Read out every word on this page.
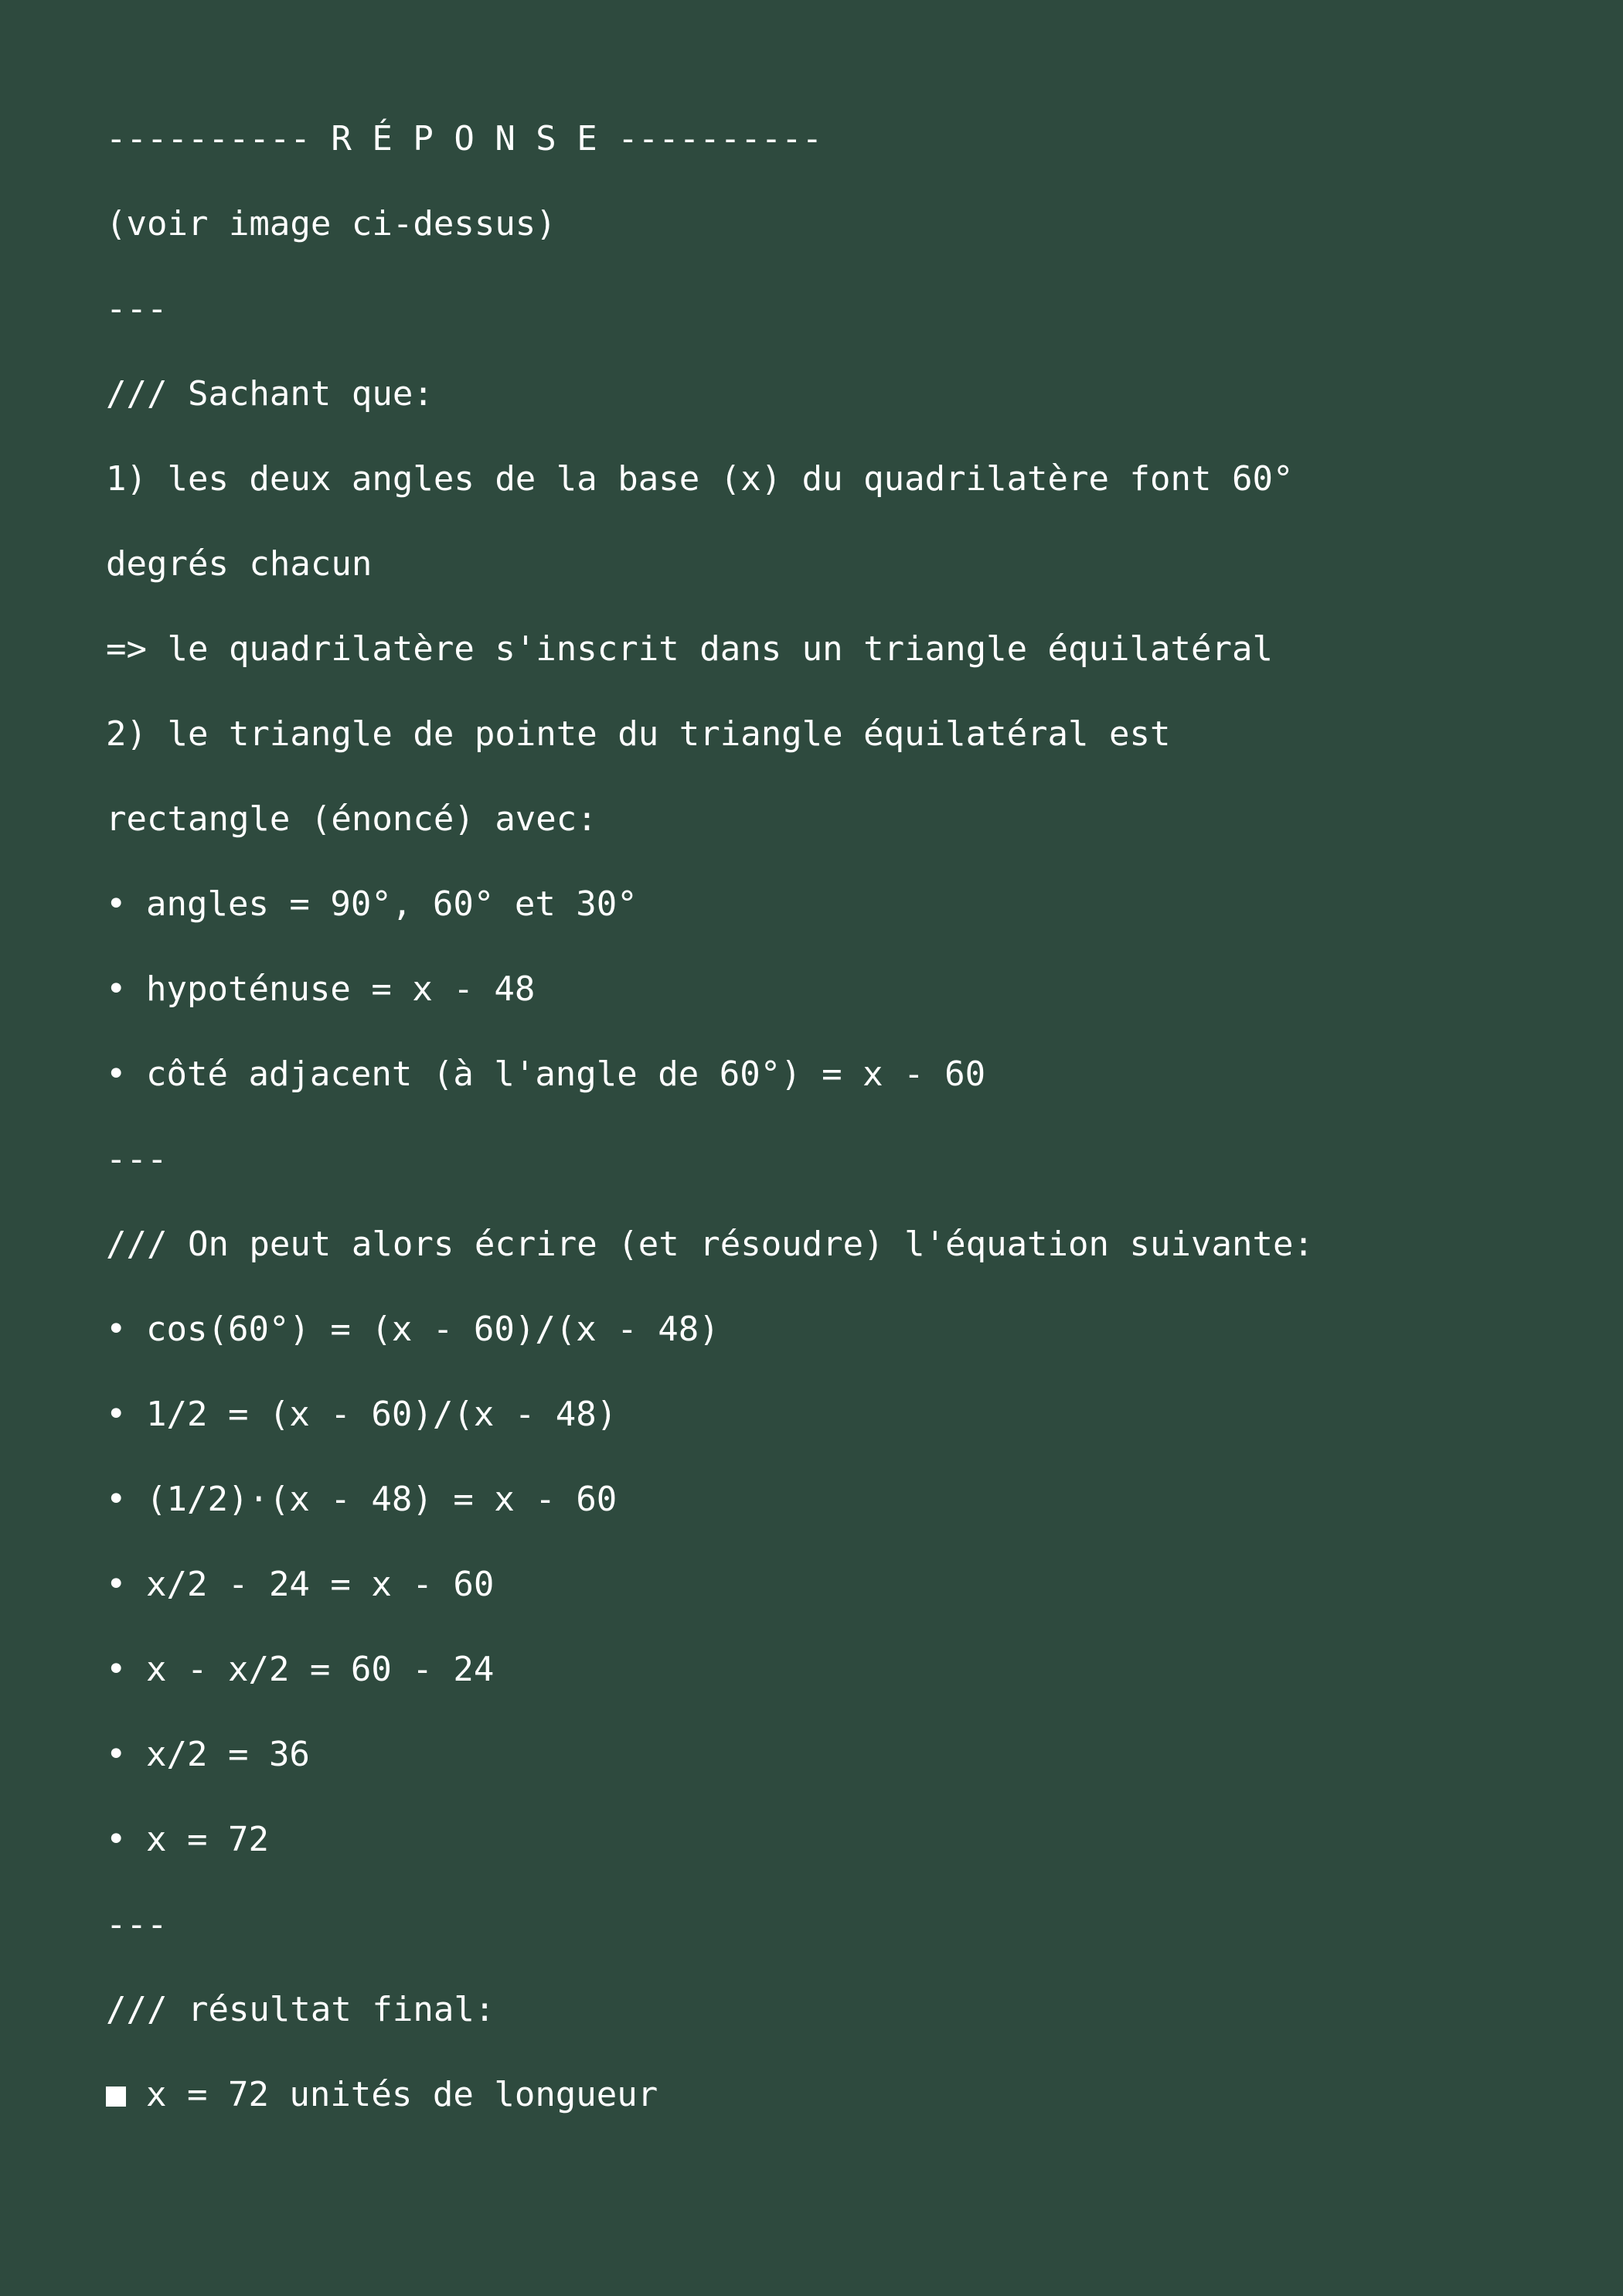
---------- R É P O N S E ----------
(voir image ci-dessus)
---
/// Sachant que:
1) les deux angles de la base (x) du quadrilatère font 60°
degrés chacun
=> le quadrilatère s'inscrit dans un triangle équilatéral
2) le triangle de pointe du triangle équilatéral est
rectangle (énoncé) avec:
• angles = 90°, 60° et 30°
• hypoténuse = x - 48
• côté adjacent (à l'angle de 60°) = x - 60
---
/// On peut alors écrire (et résoudre) l'équation suivante:
• cos(60°) = (x - 60)/(x - 48)
• 1/2 = (x - 60)/(x - 48)
• (1/2)·(x - 48) = x - 60
• x/2 - 24 = x - 60
• x - x/2 = 60 - 24
• x/2 = 36
• x = 72
---
/// résultat final:
x = 72 unités de longueur
